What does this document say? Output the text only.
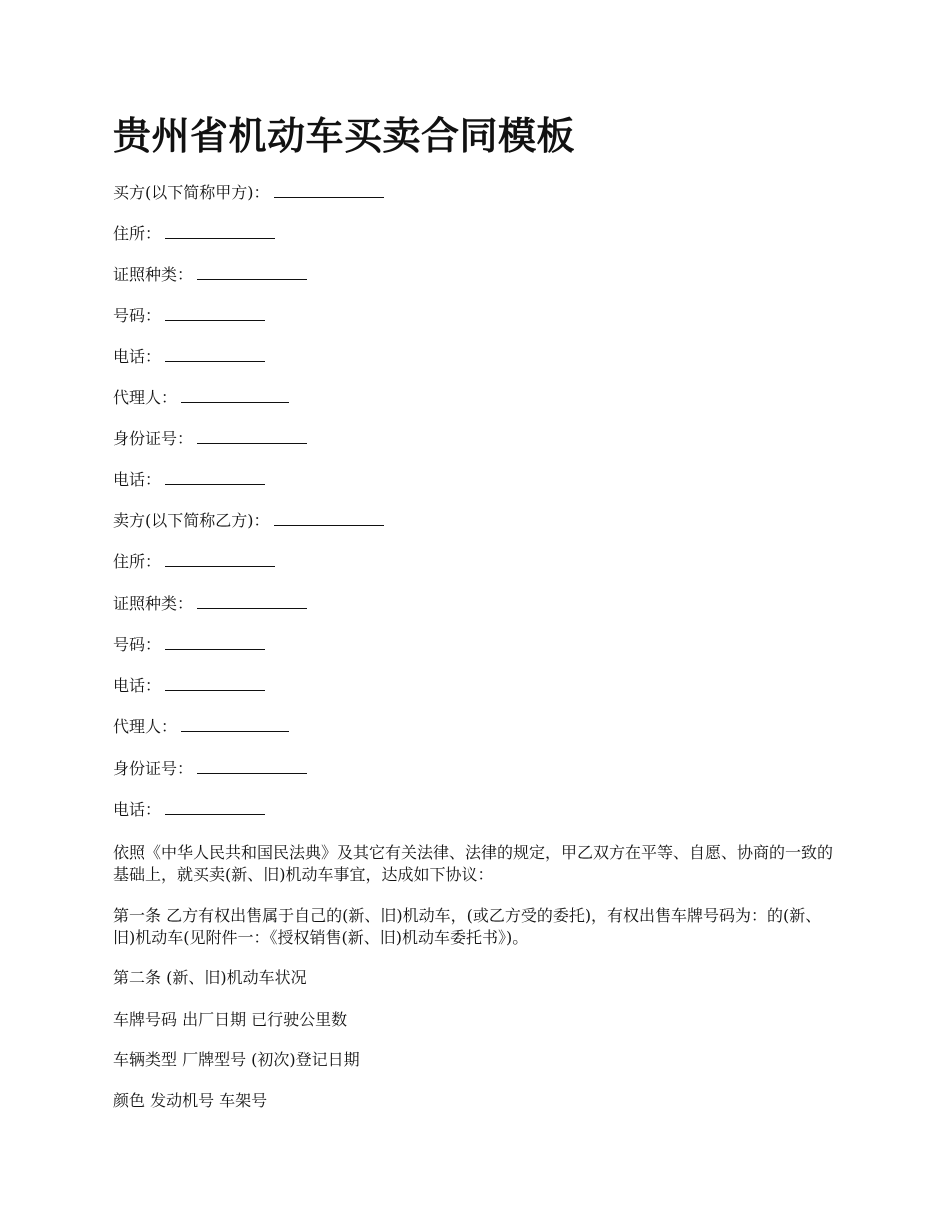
贵州省机动车买卖合同模板
买方(以下简称甲方)：
住所：
证照种类：
号码：
电话：
代理人：
身份证号：
电话：
卖方(以下简称乙方)：
住所：
证照种类：
号码：
电话：
代理人：
身份证号：
电话：
依照《中华人民共和国民法典》及其它有关法律、法律的规定，甲乙双方在平等、自愿、协商的一致的基础上，就买卖(新、旧)机动车事宜，达成如下协议：
第一条 乙方有权出售属于自己的(新、旧)机动车，(或乙方受的委托)，有权出售车牌号码为：的(新、旧)机动车(见附件一：《授权销售(新、旧)机动车委托书》)。
第二条 (新、旧)机动车状况
车牌号码 出厂日期 已行驶公里数
车辆类型 厂牌型号 (初次)登记日期
颜色 发动机号 车架号
